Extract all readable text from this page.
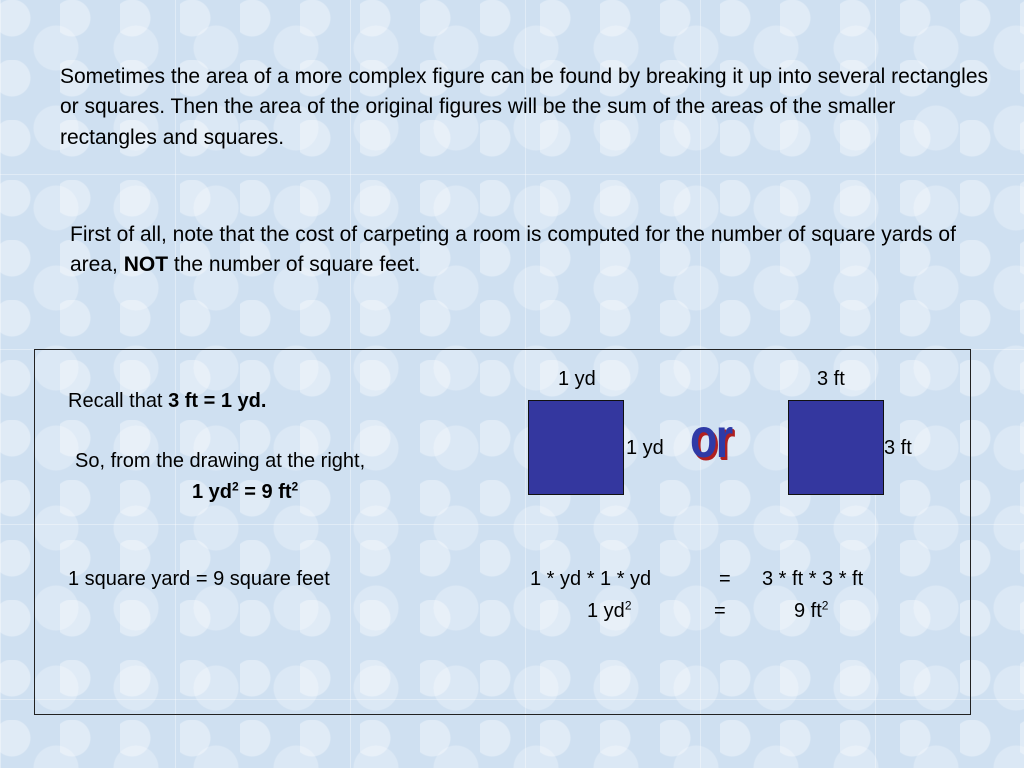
Sometimes the area of a more complex figure can be found by breaking it up into several rectangles or squares. Then the area of the original figures will be the sum of the areas of the smaller rectangles and squares.
First of all, note that the cost of carpeting a room is computed for the number of square yards of area, NOT the number of square feet.
Recall that 3 ft = 1 yd.
So, from the drawing at the right,
1 $yd^2 = 9$ $ft^2$
1 yd
1 yd or
3 ft
3 ft
1 square yard = 9 square feet	1 * yd * 1 * yd	= 3 * ft * 3 * ft
1 $yd^2$	=	9 $ft^2$
